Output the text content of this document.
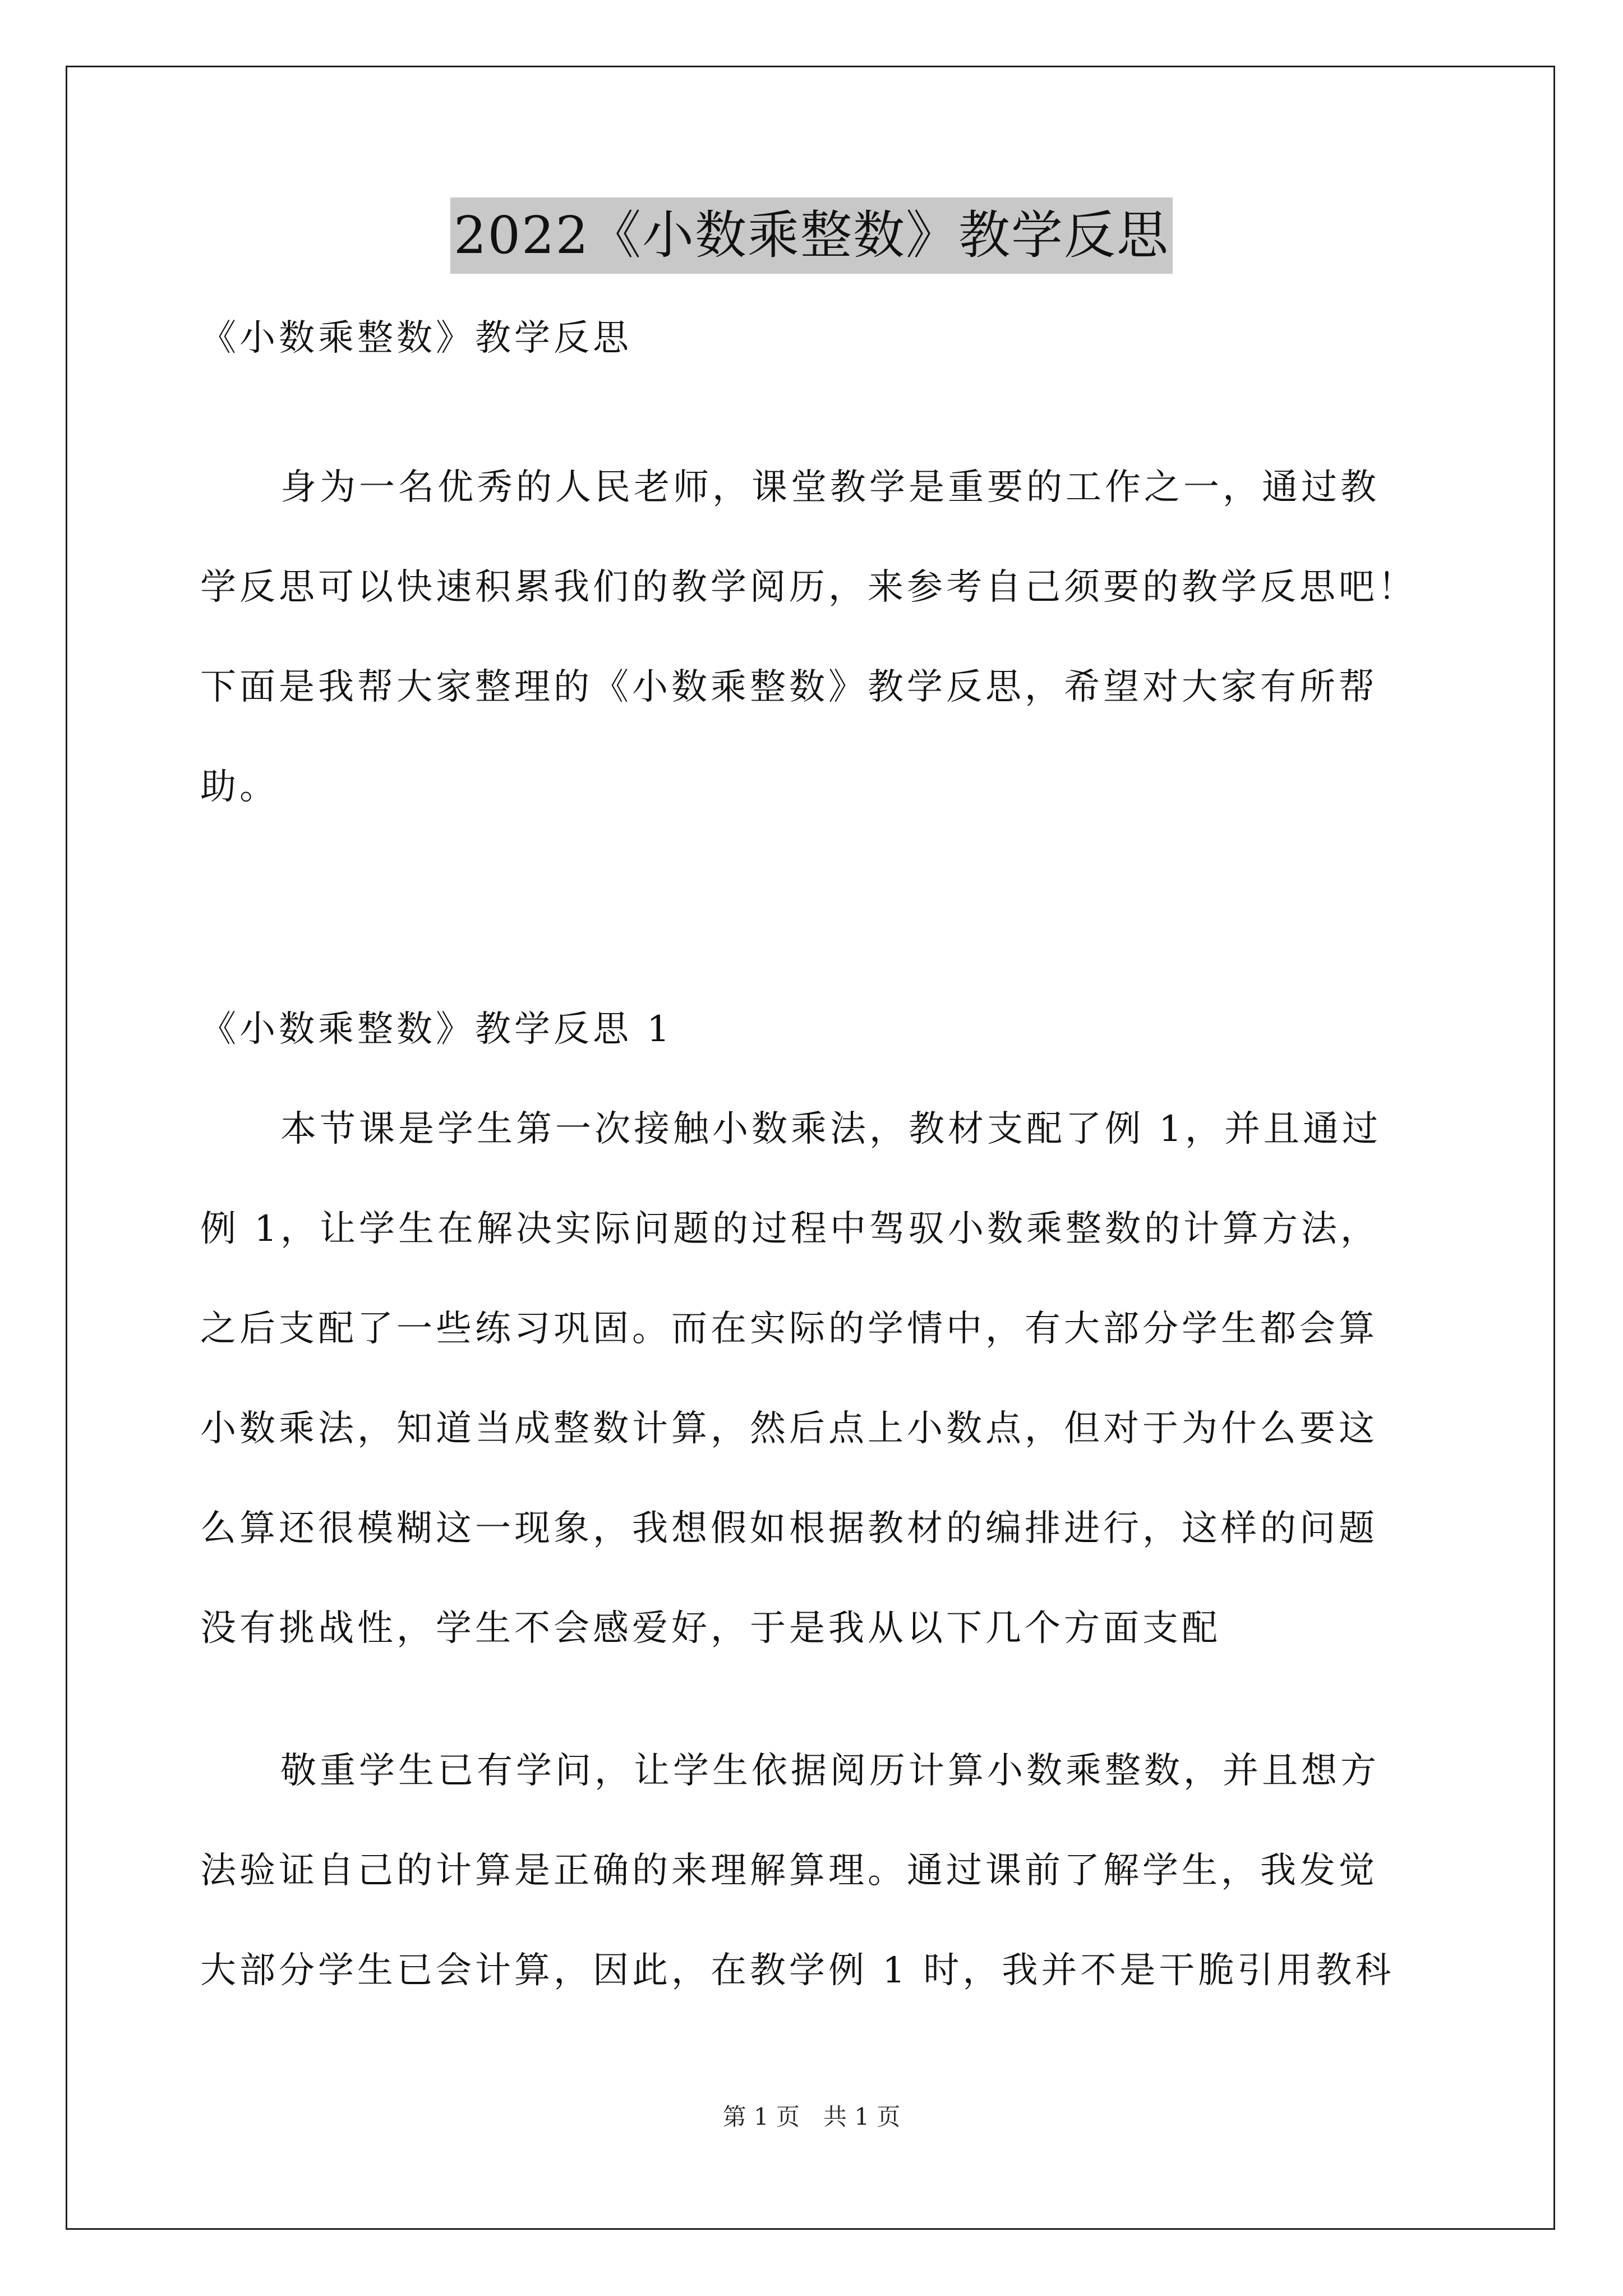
2022《小数乘整数》教学反思
《小数乘整数》教学反思
身为一名优秀的人民老师，课堂教学是重要的工作之一，通过教
学反思可以快速积累我们的教学阅历，来参考自己须要的教学反思吧！
下面是我帮大家整理的《小数乘整数》教学反思，希望对大家有所帮
助。
《小数乘整数》教学反思 1
本节课是学生第一次接触小数乘法，教材支配了例 1，并且通过
例 1，让学生在解决实际问题的过程中驾驭小数乘整数的计算方法，
之后支配了一些练习巩固。而在实际的学情中，有大部分学生都会算
小数乘法，知道当成整数计算，然后点上小数点，但对于为什么要这
么算还很模糊这一现象，我想假如根据教材的编排进行，这样的问题
没有挑战性，学生不会感爱好，于是我从以下几个方面支配
敬重学生已有学问，让学生依据阅历计算小数乘整数，并且想方
法验证自己的计算是正确的来理解算理。通过课前了解学生，我发觉
大部分学生已会计算，因此，在教学例 1 时，我并不是干脆引用教科
第 1 页　共 1 页
